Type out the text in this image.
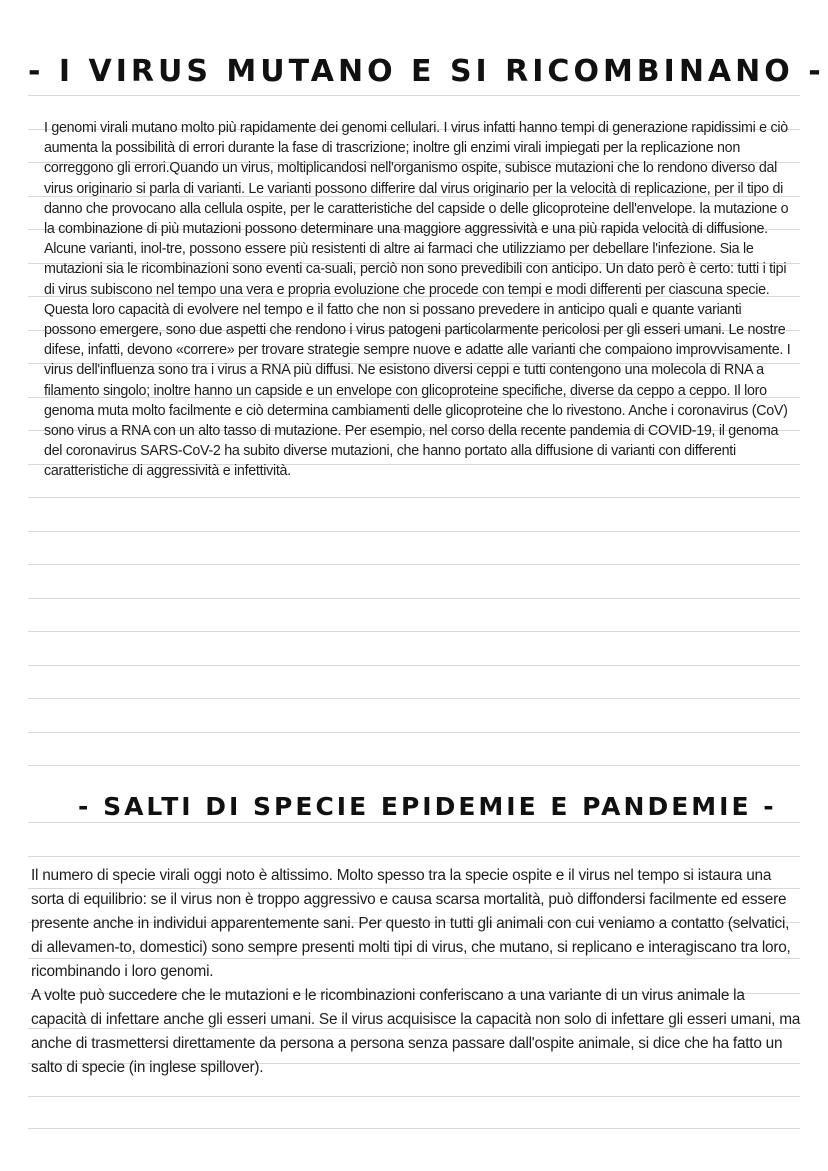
- I VIRUS MUTANO E SI RICOMBINANO -

I genomi virali mutano molto più rapidamente dei genomi cellulari. I virus infatti hanno tempi di generazione rapidissimi e ciò aumenta la possibilità di errori durante la fase di trascrizione; inoltre gli enzimi virali impiegati per la replicazione non correggono gli errori.Quando un virus, moltiplicandosi nell'organismo ospite, subisce mutazioni che lo rendono diverso dal virus originario si parla di varianti. Le varianti possono differire dal virus originario per la velocità di replicazione, per il tipo di danno che provocano alla cellula ospite, per le caratteristiche del capside o delle glicoproteine dell'envelope. la mutazione o la combinazione di più mutazioni possono determinare una maggiore aggressività e una più rapida velocità di diffusione. Alcune varianti, inol-tre, possono essere più resistenti di altre ai farmaci che utilizziamo per debellare l'infezione. Sia le mutazioni sia le ricombinazioni sono eventi ca-suali, perciò non sono prevedibili con anticipo. Un dato però è certo: tutti i tipi di virus subiscono nel tempo una vera e propria evoluzione che procede con tempi e modi differenti per ciascuna specie. Questa loro capacità di evolvere nel tempo e il fatto che non si possano prevedere in anticipo quali e quante varianti possono emergere, sono due aspetti che rendono i virus patogeni particolarmente pericolosi per gli esseri umani. Le nostre difese, infatti, devono «correre» per trovare strategie sempre nuove e adatte alle varianti che compaiono improvvisamente. I virus dell'influenza sono tra i virus a RNA più diffusi. Ne esistono diversi ceppi e tutti contengono una molecola di RNA a filamento singolo; inoltre hanno un capside e un envelope con glicoproteine specifiche, diverse da ceppo a ceppo. Il loro genoma muta molto facilmente e ciò determina cambiamenti delle glicoproteine che lo rivestono. Anche i coronavirus (CoV) sono virus a RNA con un alto tasso di mutazione. Per esempio, nel corso della recente pandemia di COVID-19, il genoma del coronavirus SARS-CoV-2 ha subito diverse mutazioni, che hanno portato alla diffusione di varianti con differenti caratteristiche di aggressività e infettività.

- SALTI DI SPECIE EPIDEMIE E PANDEMIE -
Il numero di specie virali oggi noto è altissimo. Molto spesso tra la specie ospite e il virus nel tempo si istaura una sorta di equilibrio: se il virus non è troppo aggressivo e causa scarsa mortalità, può diffondersi facilmente ed essere presente anche in individui apparentemente sani. Per questo in tutti gli animali con cui veniamo a contatto (selvatici, di allevamen-to, domestici) sono sempre presenti molti tipi di virus, che mutano, si replicano e interagiscano tra loro, ricombinando i loro genomi.
A volte può succedere che le mutazioni e le ricombinazioni conferiscano a una variante di un virus animale la capacità di infettare anche gli esseri umani. Se il virus acquisisce la capacità non solo di infettare gli esseri umani, ma anche di trasmettersi direttamente da persona a persona senza passare dall'ospite animale, si dice che ha fatto un salto di specie (in inglese spillover).
